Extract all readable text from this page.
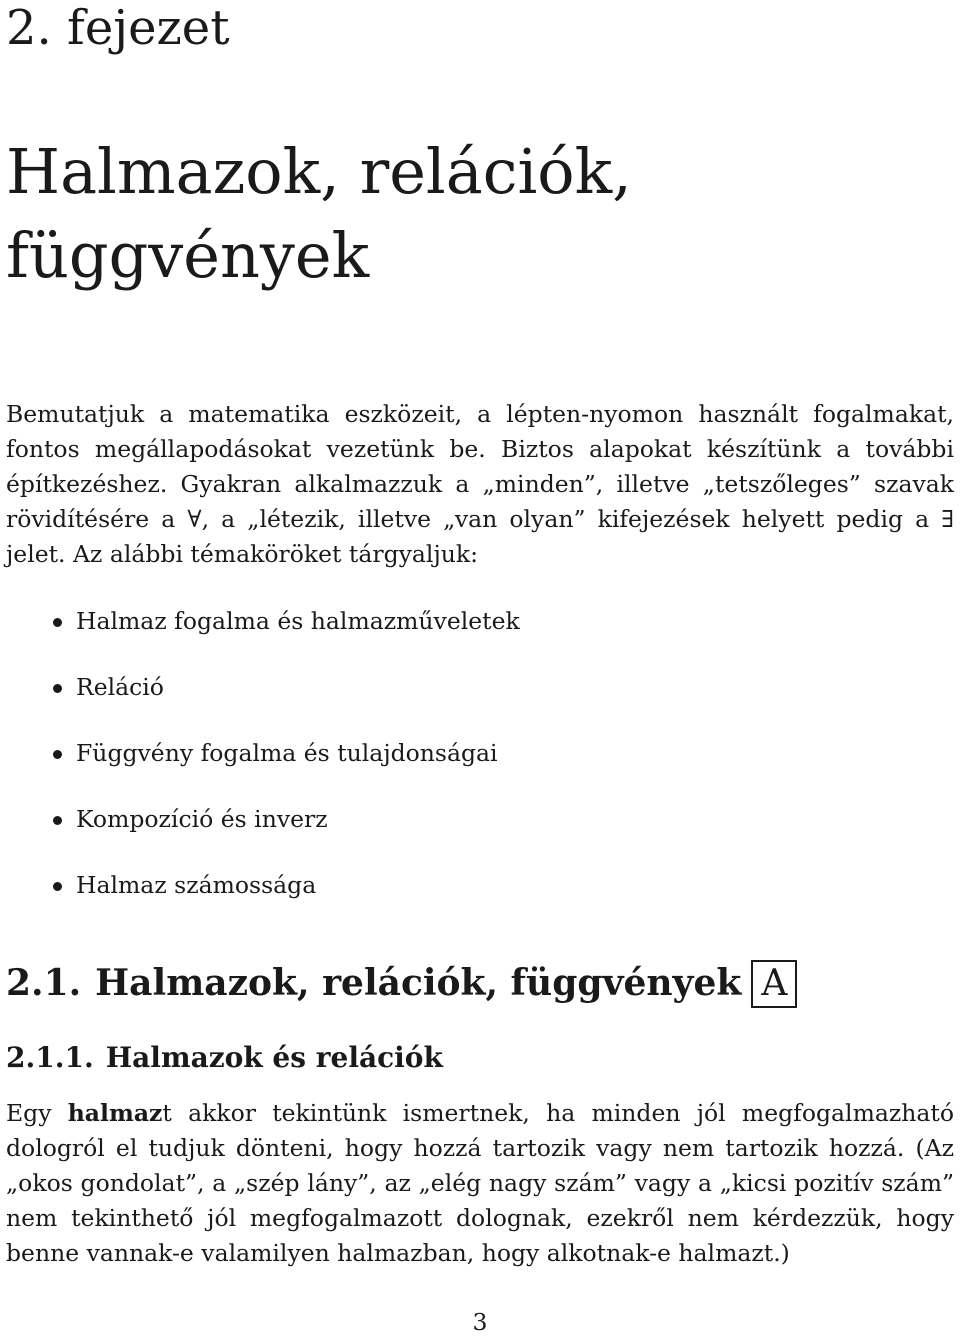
2. fejezet
Halmazok, relációk,
függvények

Bemutatjuk a matematika eszközeit, a lépten-nyomon használt fogalmakat, fontos megállapodásokat vezetünk be. Biztos alapokat készítünk a további építkezéshez. Gyakran alkalmazzuk a „minden”, illetve „tetszőleges” szavak rövidítésére a ∀, a „létezik, illetve „van olyan” kifejezések helyett pedig a ∃ jelet. Az alábbi témaköröket tárgyaljuk:

Halmaz fogalma és halmazműveletek
Reláció
Függvény fogalma és tulajdonságai
Kompozíció és inverz
Halmaz számossága
2.1. Halmazok, relációk, függvények A
2.1.1. Halmazok és relációk

Egy halmazt akkor tekintünk ismertnek, ha minden jól megfogalmazható dologról el tudjuk dönteni, hogy hozzá tartozik vagy nem tartozik hozzá. (Az „okos gondolat”, a „szép lány”, az „elég nagy szám” vagy a „kicsi pozitív szám” nem tekinthető jól megfogalmazott dolognak, ezekről nem kérdezzük, hogy benne vannak-e valamilyen halmazban, hogy alkotnak-e halmazt.)

3
